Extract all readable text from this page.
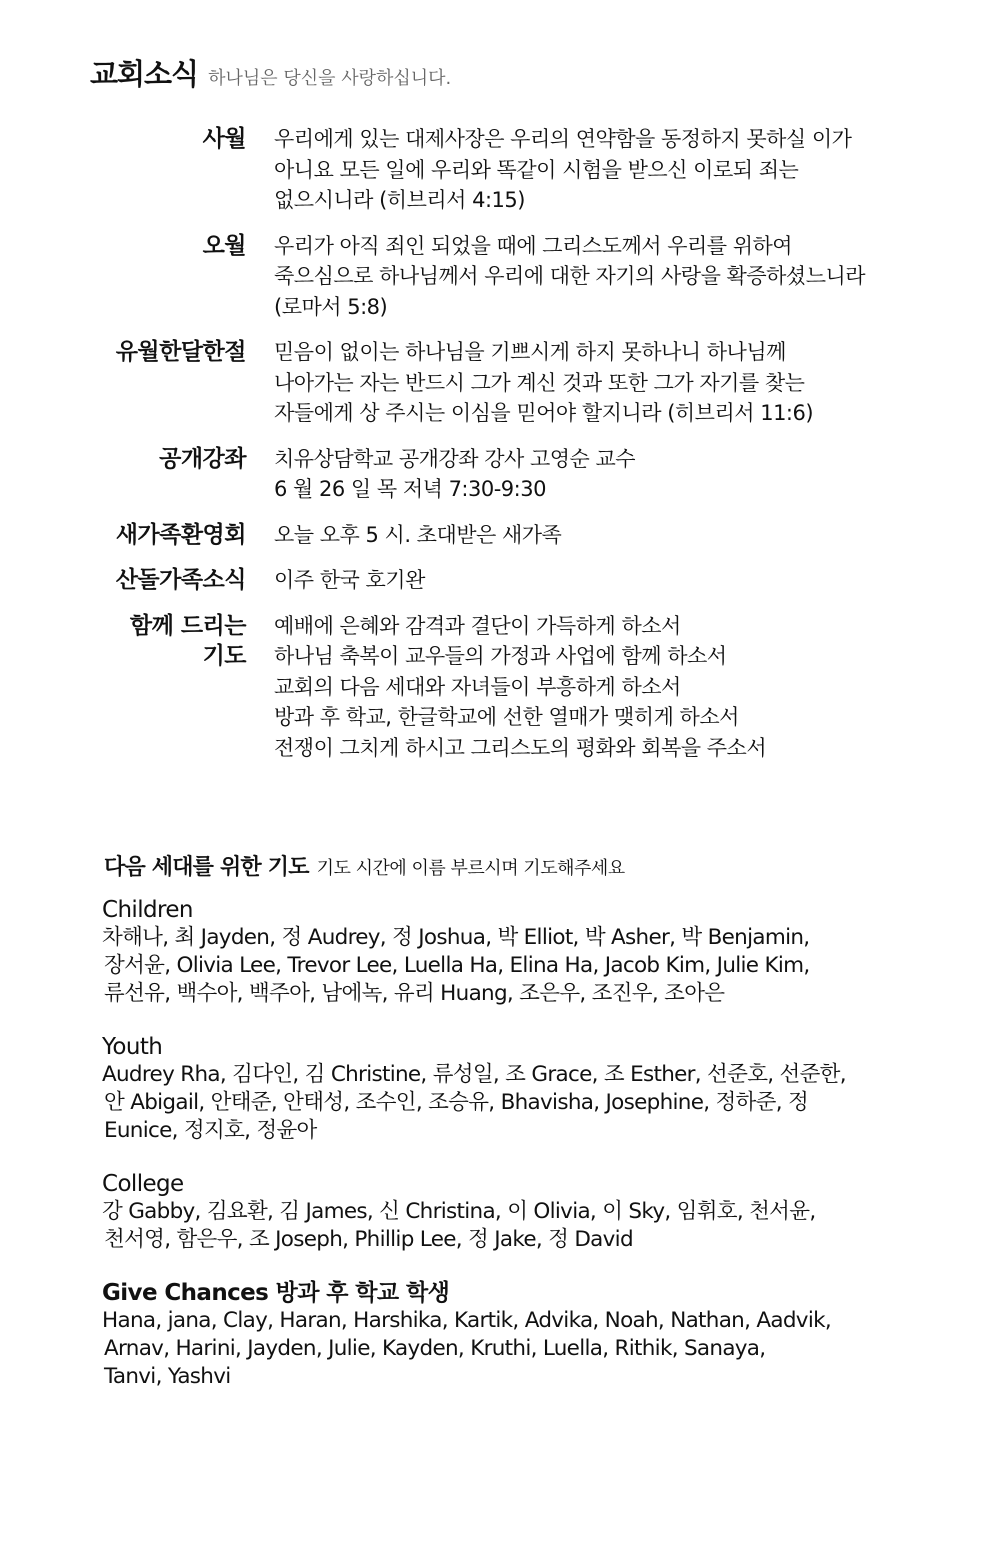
교회소식 하나님은 당신을 사랑하십니다.
사월 우리에게 있는 대제사장은 우리의 연약함을 동정하지 못하실 이가
아니요 모든 일에 우리와 똑같이 시험을 받으신 이로되 죄는
없으시니라 (히브리서 4:15)
오월 우리가 아직 죄인 되었을 때에 그리스도께서 우리를 위하여
죽으심으로 하나님께서 우리에 대한 자기의 사랑을 확증하셨느니라
(로마서 5:8)
유월한달한절 믿음이 없이는 하나님을 기쁘시게 하지 못하나니 하나님께
나아가는 자는 반드시 그가 계신 것과 또한 그가 자기를 찾는
자들에게 상 주시는 이심을 믿어야 할지니라 (히브리서 11:6)
공개강좌 치유상담학교 공개강좌 강사 고영순 교수
6 월 26 일 목 저녁 7:30-9:30
새가족환영회 오늘 오후 5 시. 초대받은 새가족
산돌가족소식 이주 한국 호기완
함께 드리는
기도
예배에 은혜와 감격과 결단이 가득하게 하소서
하나님 축복이 교우들의 가정과 사업에 함께 하소서
교회의 다음 세대와 자녀들이 부흥하게 하소서
방과 후 학교, 한글학교에 선한 열매가 맺히게 하소서
전쟁이 그치게 하시고 그리스도의 평화와 회복을 주소서
다음 세대를 위한 기도 기도 시간에 이름 부르시며 기도해주세요
Children
차해나, 최 Jayden, 정 Audrey, 정 Joshua, 박 Elliot, 박 Asher, 박 Benjamin,
장서윤, Olivia Lee, Trevor Lee, Luella Ha, Elina Ha, Jacob Kim, Julie Kim,
류선유, 백수아, 백주아, 남에녹, 유리 Huang, 조은우, 조진우, 조아은
Youth
Audrey Rha, 김다인, 김 Christine, 류성일, 조 Grace, 조 Esther, 선준호, 선준한,
안 Abigail, 안태준, 안태성, 조수인, 조승유, Bhavisha, Josephine, 정하준, 정
Eunice, 정지호, 정윤아
College
강 Gabby, 김요환, 김 James, 신 Christina, 이 Olivia, 이 Sky, 임휘호, 천서윤,
천서영, 함은우, 조 Joseph, Phillip Lee, 정 Jake, 정 David
Give Chances 방과 후 학교 학생
Hana, jana, Clay, Haran, Harshika, Kartik, Advika, Noah, Nathan, Aadvik,
Arnav, Harini, Jayden, Julie, Kayden, Kruthi, Luella, Rithik, Sanaya,
Tanvi, Yashvi
